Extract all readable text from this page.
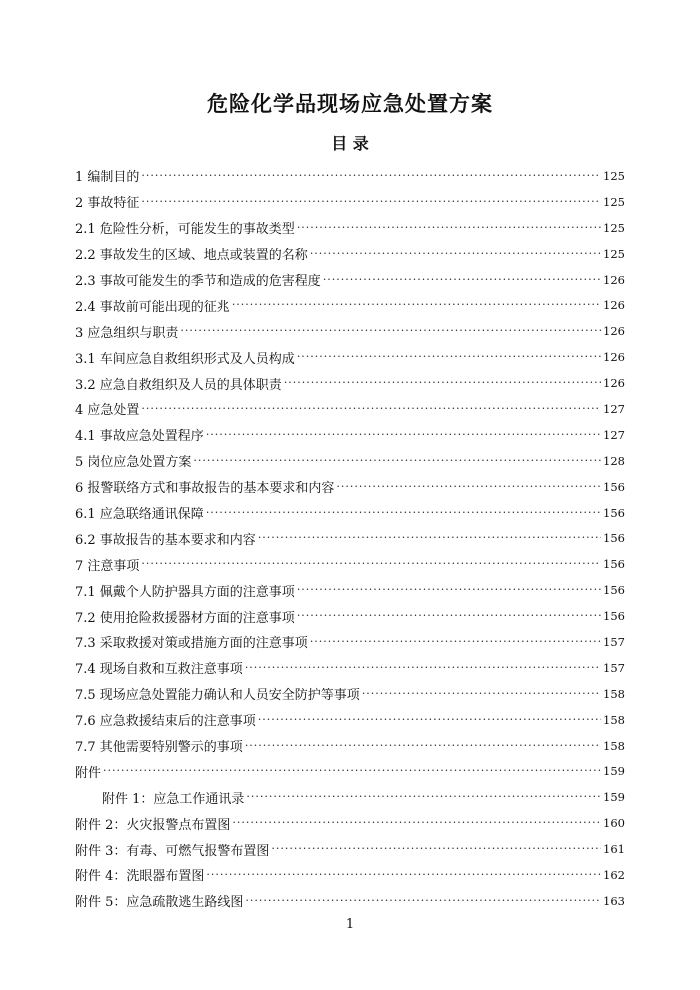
危险化学品现场应急处置方案
目 录
1 编制目的 ·····	125
2 事故特征 ·····	125
2.1 危险性分析，可能发生的事故类型 ·····	125
2.2 事故发生的区域、地点或装置的名称 ·····	125
2.3 事故可能发生的季节和造成的危害程度 ·····	126
2.4 事故前可能出现的征兆 ·····	126
3 应急组织与职责 ·····	126
3.1 车间应急自救组织形式及人员构成 ·····	126
3.2 应急自救组织及人员的具体职责 ·····	126
4 应急处置 ·····	127
4.1 事故应急处置程序 ·····	127
5 岗位应急处置方案 ·····	128
6 报警联络方式和事故报告的基本要求和内容 ·····	156
6.1 应急联络通讯保障 ·····	156
6.2 事故报告的基本要求和内容 ·····	156
7 注意事项 ·····	156
7.1 佩戴个人防护器具方面的注意事项 ·····	156
7.2 使用抢险救援器材方面的注意事项 ·····	156
7.3 采取救援对策或措施方面的注意事项 ·····	157
7.4 现场自救和互救注意事项 ·····	157
7.5 现场应急处置能力确认和人员安全防护等事项 ·····	158
7.6 应急救援结束后的注意事项 ·····	158
7.7 其他需要特别警示的事项 ·····	158
附件 ·····	159
附件 1：应急工作通讯录 ·····	159
附件 2：火灾报警点布置图 ·····	160
附件 3：有毒、可燃气报警布置图 ·····	161
附件 4：洗眼器布置图 ·····	162
附件 5：应急疏散逃生路线图 ·····	163
1
